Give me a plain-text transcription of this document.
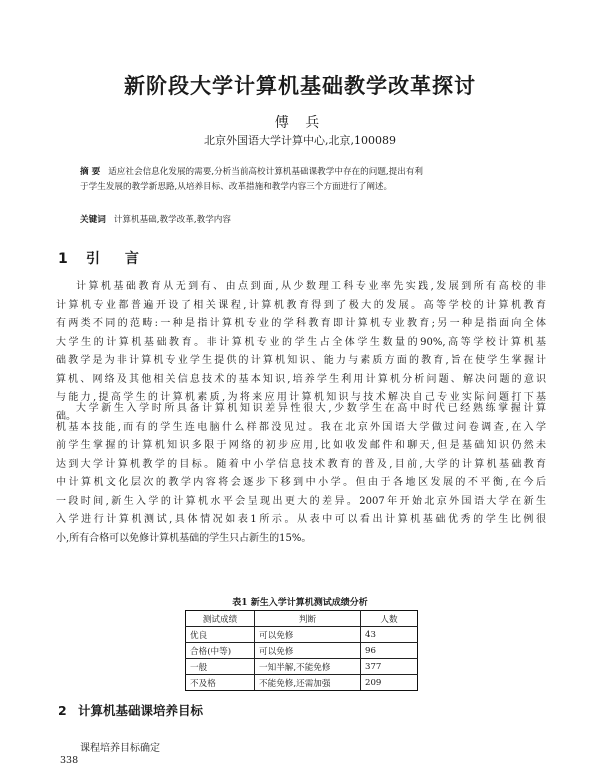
新阶段大学计算机基础教学改革探讨
傅 兵
北京外国语大学计算中心,北京,100089
摘 要 适应社会信息化发展的需要,分析当前高校计算机基础课教学中存在的问题,提出有利
于学生发展的教学新思路,从培养目标、改革措施和教学内容三个方面进行了阐述。
关键词 计算机基础,教学改革,教学内容
1 引 言
计算机基础教育从无到有、由点到面,从少数理工科专业率先实践,发展到所有高校的非
计算机专业都普遍开设了相关课程,计算机教育得到了极大的发展。高等学校的计算机教育
有两类不同的范畴:一种是指计算机专业的学科教育即计算机专业教育;另一种是指面向全体
大学生的计算机基础教育。非计算机专业的学生占全体学生数量的90%,高等学校计算机基
础教学是为非计算机专业学生提供的计算机知识、能力与素质方面的教育,旨在使学生掌握计
算机、网络及其他相关信息技术的基本知识,培养学生利用计算机分析问题、解决问题的意识
与能力,提高学生的计算机素质,为将来应用计算机知识与技术解决自己专业实际问题打下基
础。
大学新生入学时所具备计算机知识差异性很大,少数学生在高中时代已经熟练掌握计算
机基本技能,而有的学生连电脑什么样都没见过。我在北京外国语大学做过问卷调查,在入学
前学生掌握的计算机知识多限于网络的初步应用,比如收发邮件和聊天,但是基础知识仍然未
达到大学计算机教学的目标。随着中小学信息技术教育的普及,目前,大学的计算机基础教育
中计算机文化层次的教学内容将会逐步下移到中小学。但由于各地区发展的不平衡,在今后
一段时间,新生入学的计算机水平会呈现出更大的差异。2007年开始北京外国语大学在新生
入学进行计算机测试,具体情况如表1所示。从表中可以看出计算机基础优秀的学生比例很
小,所有合格可以免修计算机基础的学生只占新生的15%。
表1 新生入学计算机测试成绩分析
测试成绩	判断	人数
优良	可以免修	43
合格(中等)	可以免修	96
一般	一知半解,不能免修	377
不及格	不能免修,还需加强	209
2 计算机基础课培养目标
课程培养目标确定
338
